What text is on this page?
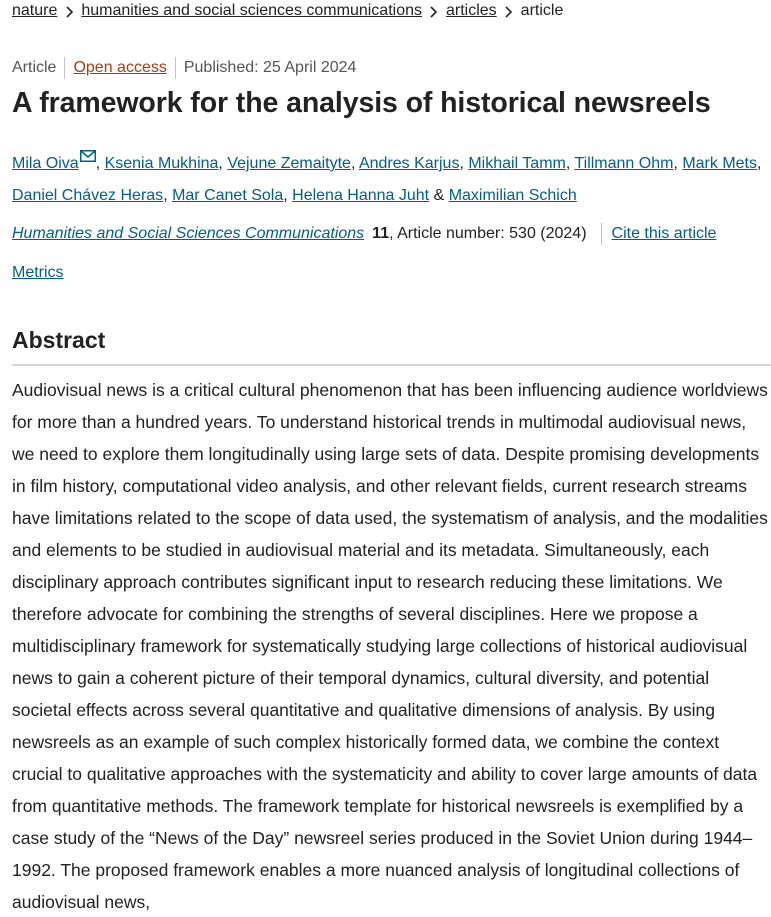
nature humanities and social sciences communications articles article
Article Open access Published: 25 April 2024
A framework for the analysis of historical newsreels
Mila Oiva , Ksenia Mukhina, Vejune Zemaityte, Andres Karjus, Mikhail Tamm, Tillmann Ohm, Mark Mets, Daniel Chávez Heras, Mar Canet Sola, Helena Hanna Juht & Maximilian Schich
Humanities and Social Sciences Communications 11 , Article number: 530 (2024) Cite this article
Metrics
Abstract

Audiovisual news is a critical cultural phenomenon that has been influencing audience worldviews for more than a hundred years. To understand historical trends in multimodal audiovisual news, we need to explore them longitudinally using large sets of data. Despite promising developments in film history, computational video analysis, and other relevant fields, current research streams have limitations related to the scope of data used, the systematism of analysis, and the modalities and elements to be studied in audiovisual material and its metadata. Simultaneously, each disciplinary approach contributes significant input to research reducing these limitations. We therefore advocate for combining the strengths of several disciplines. Here we propose a multidisciplinary framework for systematically studying large collections of historical audiovisual news to gain a coherent picture of their temporal dynamics, cultural diversity, and potential societal effects across several quantitative and qualitative dimensions of analysis. By using newsreels as an example of such complex historically formed data, we combine the context crucial to qualitative approaches with the systematicity and ability to cover large amounts of data from quantitative methods. The framework template for historical newsreels is exemplified by a case study of the “News of the Day” newsreel series produced in the Soviet Union during 1944–1992. The proposed framework enables a more nuanced analysis of longitudinal collections of audiovisual news,
